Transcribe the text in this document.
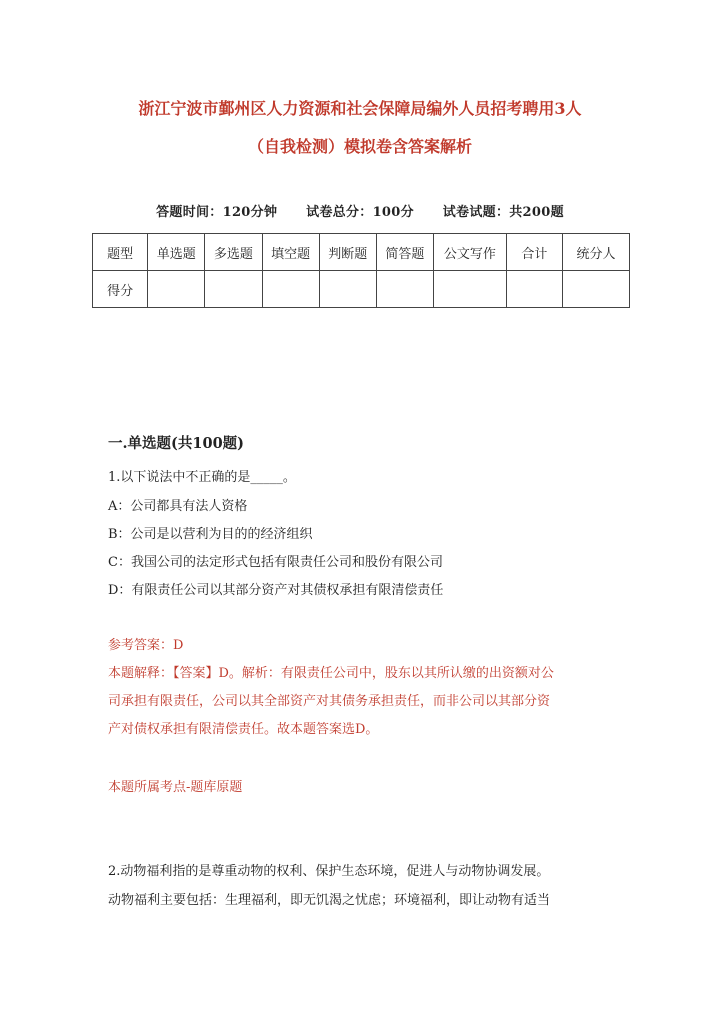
浙江宁波市鄞州区人力资源和社会保障局编外人员招考聘用3人
（自我检测）模拟卷含答案解析
答题时间：120分钟 试卷总分：100分 试卷试题：共200题
题型	单选题	多选题	填空题	判断题	简答题	公文写作	合计	统分人
得分								
一.单选题(共100题)
1.以下说法中不正确的是_____。
A：公司都具有法人资格
B：公司是以营利为目的的经济组织
C：我国公司的法定形式包括有限责任公司和股份有限公司
D：有限责任公司以其部分资产对其债权承担有限清偿责任
参考答案：D
本题解释：【答案】D。解析：有限责任公司中，股东以其所认缴的出资额对公
司承担有限责任，公司以其全部资产对其债务承担责任，而非公司以其部分资
产对债权承担有限清偿责任。故本题答案选D。
本题所属考点-题库原题
2.动物福利指的是尊重动物的权利、保护生态环境，促进人与动物协调发展。
动物福利主要包括：生理福利，即无饥渴之忧虑；环境福利，即让动物有适当
